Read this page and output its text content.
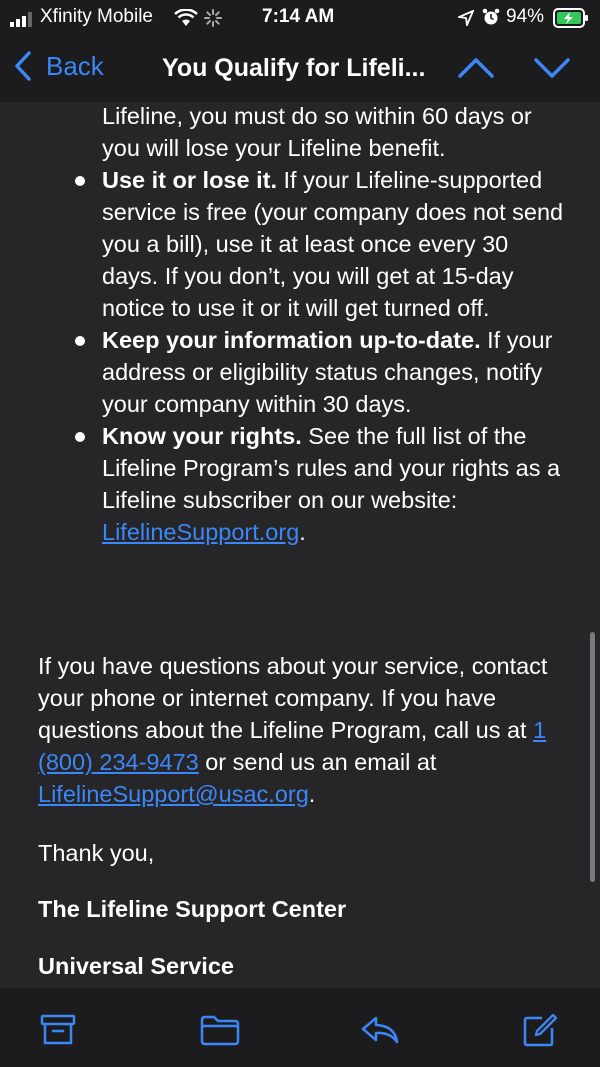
Xfinity Mobile	7:14 AM	94%
Back You Qualify for Lifeli...
Lifeline, you must do so within 60 days or you will lose your Lifeline benefit.
Use it or lose it. If your Lifeline-supported service is free (your company does not send you a bill), use it at least once every 30 days. If you don’t, you will get at 15-day notice to use it or it will get turned off.
Keep your information up-to-date. If your address or eligibility status changes, notify your company within 30 days.
Know your rights. See the full list of the Lifeline Program’s rules and your rights as a Lifeline subscriber on our website: LifelineSupport.org.
If you have questions about your service, contact your phone or internet company. If you have questions about the Lifeline Program, call us at 1 (800) 234-9473 or send us an email at LifelineSupport@usac.org.
Thank you,
The Lifeline Support Center
Universal Service
